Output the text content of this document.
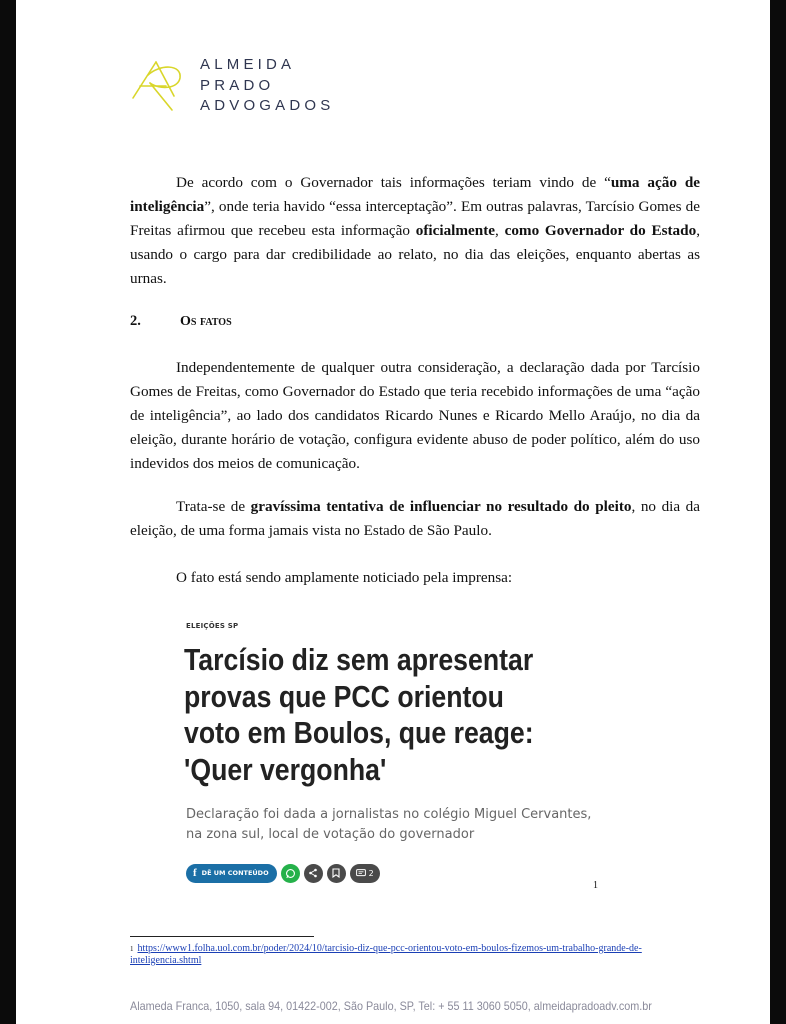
ALMEIDA
PRADO
ADVOGADOS

De acordo com o Governador tais informações teriam vindo de “uma ação de inteligência”, onde teria havido “essa interceptação”. Em outras palavras, Tarcísio Gomes de Freitas afirmou que recebeu esta informação oficialmente, como Governador do Estado, usando o cargo para dar credibilidade ao relato, no dia das eleições, enquanto abertas as urnas.

2.	Os fatos

Independentemente de qualquer outra consideração, a declaração dada por Tarcísio Gomes de Freitas, como Governador do Estado que teria recebido informações de uma “ação de inteligência”, ao lado dos candidatos Ricardo Nunes e Ricardo Mello Araújo, no dia da eleição, durante horário de votação, configura evidente abuso de poder político, além do uso indevidos dos meios de comunicação.

Trata-se de gravíssima tentativa de influenciar no resultado do pleito, no dia da eleição, de uma forma jamais vista no Estado de São Paulo.

O fato está sendo amplamente noticiado pela imprensa:

ELEIÇÕES SP
Tarcísio diz sem apresentar
provas que PCC orientou
voto em Boulos, que reage:
'Quer vergonha'
Declaração foi dada a jornalistas no colégio Miguel Cervantes, na zona sul, local de votação do governador
f DÊ UM CONTEÚDO	2
1
$^1$ https://www1.folha.uol.com.br/poder/2024/10/tarcisio-diz-que-pcc-orientou-voto-em-boulos-fizemos-um-trabalho-grande-de-inteligencia.shtml
Alameda Franca, 1050, sala 94, 01422-002, São Paulo, SP, Tel: + 55 11 3060 5050, almeidapradoadv.com.br
